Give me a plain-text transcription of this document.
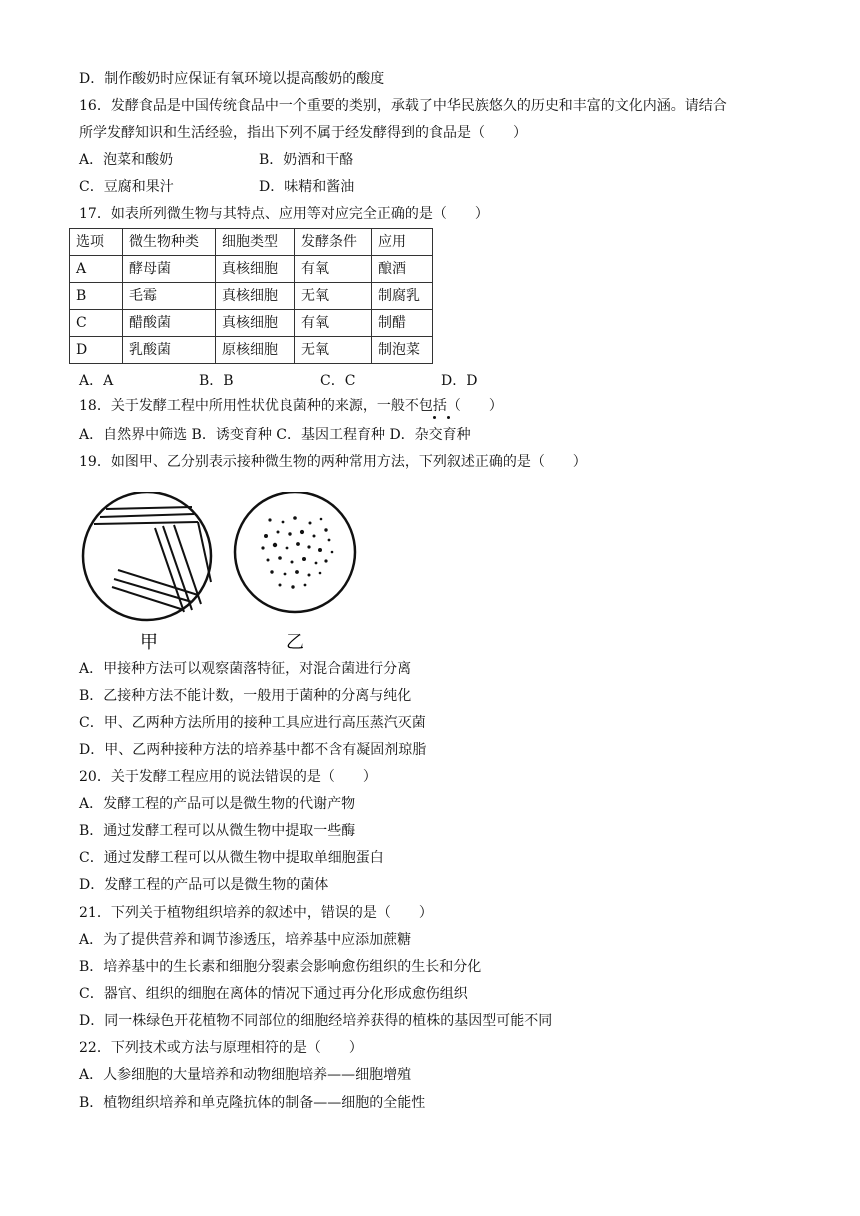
D．制作酸奶时应保证有氧环境以提高酸奶的酸度
16．发酵食品是中国传统食品中一个重要的类别，承载了中华民族悠久的历史和丰富的文化内涵。请结合
所学发酵知识和生活经验，指出下列不属于经发酵得到的食品是（　　）
A．泡菜和酸奶	B．奶酒和干酪
C．豆腐和果汁	D．味精和酱油
17．如表所列微生物与其特点、应用等对应完全正确的是（　　）
选项	微生物种类	细胞类型	发酵条件	应用
A	酵母菌	真核细胞	有氧	酿酒
B	毛霉	真核细胞	无氧	制腐乳
C	醋酸菌	真核细胞	有氧	制醋
D	乳酸菌	原核细胞	无氧	制泡菜
A．A	B．B	C．C	D．D
18．关于发酵工程中所用性状优良菌种的来源，一般不包括（　　）
A．自然界中筛选 B．诱变育种 C．基因工程育种 D．杂交育种
19．如图甲、乙分别表示接种微生物的两种常用方法，下列叙述正确的是（　　）
甲	乙
A．甲接种方法可以观察菌落特征，对混合菌进行分离
B．乙接种方法不能计数，一般用于菌种的分离与纯化
C．甲、乙两种方法所用的接种工具应进行高压蒸汽灭菌
D．甲、乙两种接种方法的培养基中都不含有凝固剂琼脂
20．关于发酵工程应用的说法错误的是（　　）
A．发酵工程的产品可以是微生物的代谢产物
B．通过发酵工程可以从微生物中提取一些酶
C．通过发酵工程可以从微生物中提取单细胞蛋白
D．发酵工程的产品可以是微生物的菌体
21．下列关于植物组织培养的叙述中，错误的是（　　）
A．为了提供营养和调节渗透压，培养基中应添加蔗糖
B．培养基中的生长素和细胞分裂素会影响愈伤组织的生长和分化
C．器官、组织的细胞在离体的情况下通过再分化形成愈伤组织
D．同一株绿色开花植物不同部位的细胞经培养获得的植株的基因型可能不同
22．下列技术或方法与原理相符的是（　　）
A．人参细胞的大量培养和动物细胞培养——细胞增殖
B．植物组织培养和单克隆抗体的制备——细胞的全能性
